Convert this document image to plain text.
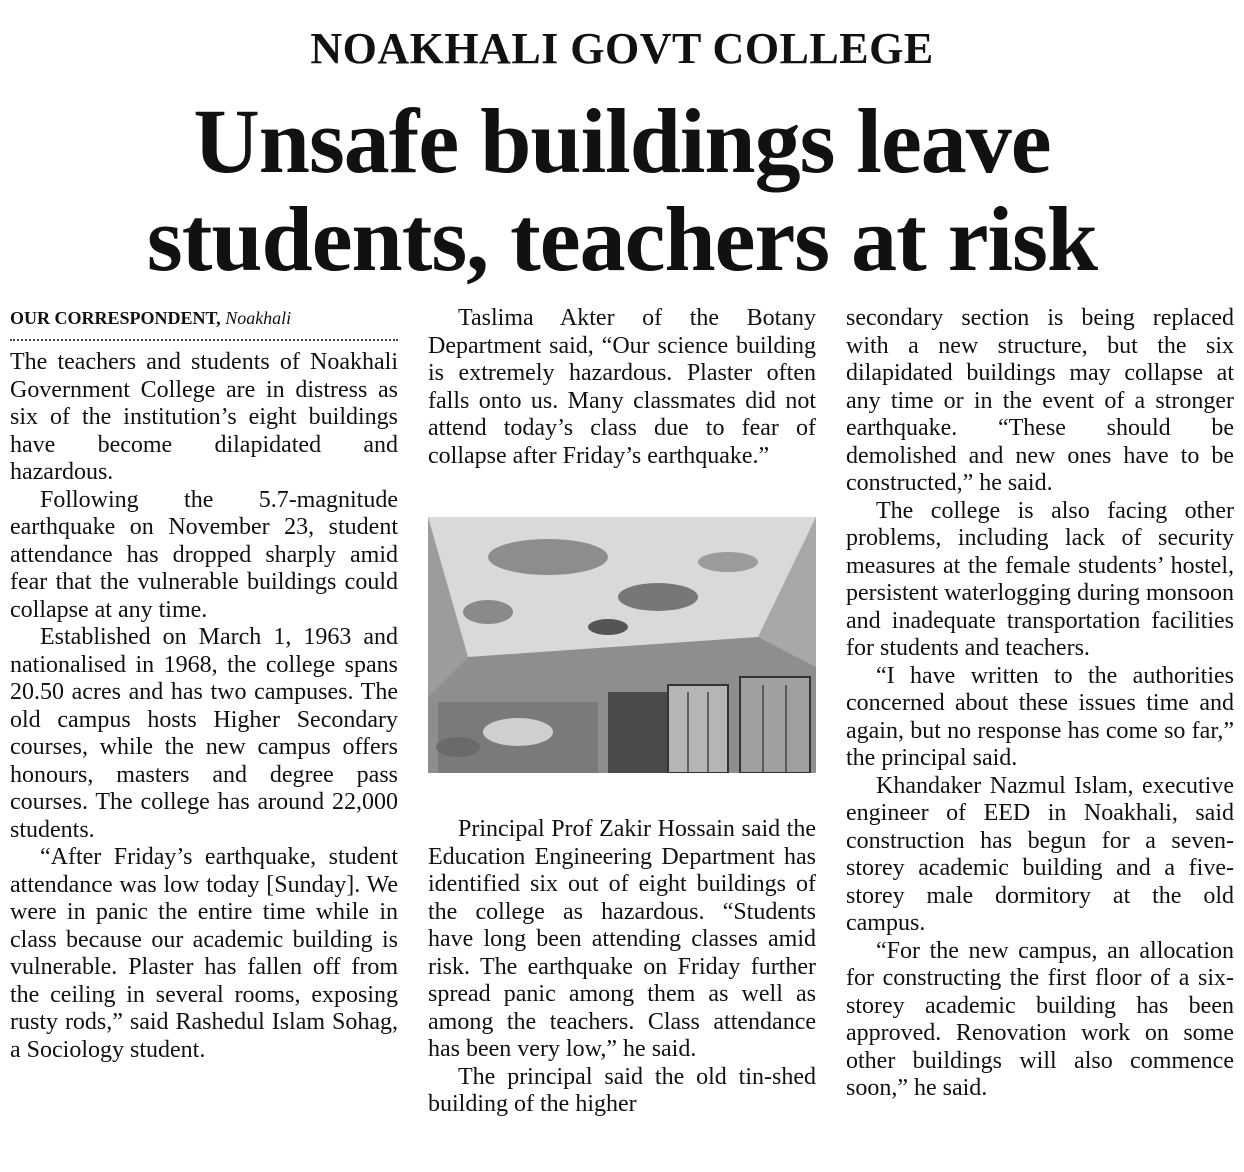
NOAKHALI GOVT COLLEGE
Unsafe buildings leave
students, teachers at risk
OUR CORRESPONDENT, Noakhali

The teachers and students of Noakhali Government College are in distress as six of the institution’s eight buildings have become dilapidated and hazardous.

Following the 5.7-magnitude earthquake on November 23, student attendance has dropped sharply amid fear that the vulnerable buildings could collapse at any time.

Established on March 1, 1963 and nationalised in 1968, the college spans 20.50 acres and has two campuses. The old campus hosts Higher Secondary courses, while the new campus offers honours, masters and degree pass courses. The college has around 22,000 students.

“After Friday’s earthquake, student attendance was low today [Sunday]. We were in panic the entire time while in class because our academic building is vulnerable. Plaster has fallen off from the ceiling in several rooms, exposing rusty rods,” said Rashedul Islam Sohag, a Sociology student.

Taslima Akter of the Botany Department said, “Our science building is extremely hazardous. Plaster often falls onto us. Many classmates did not attend today’s class due to fear of collapse after Friday’s earthquake.”

Principal Prof Zakir Hossain said the Education Engineering Department has identified six out of eight buildings of the college as hazardous. “Students have long been attending classes amid risk. The earthquake on Friday further spread panic among them as well as among the teachers. Class attendance has been very low,” he said.

The principal said the old tin-shed building of the higher

secondary section is being replaced with a new structure, but the six dilapidated buildings may collapse at any time or in the event of a stronger earthquake. “These should be demolished and new ones have to be constructed,” he said.

The college is also facing other problems, including lack of security measures at the female students’ hostel, persistent waterlogging during monsoon and inadequate transportation facilities for students and teachers.

“I have written to the authorities concerned about these issues time and again, but no response has come so far,” the principal said.

Khandaker Nazmul Islam, executive engineer of EED in Noakhali, said construction has begun for a seven-storey academic building and a five-storey male dormitory at the old campus.

“For the new campus, an allocation for constructing the first floor of a six-storey academic building has been approved. Renovation work on some other buildings will also commence soon,” he said.
